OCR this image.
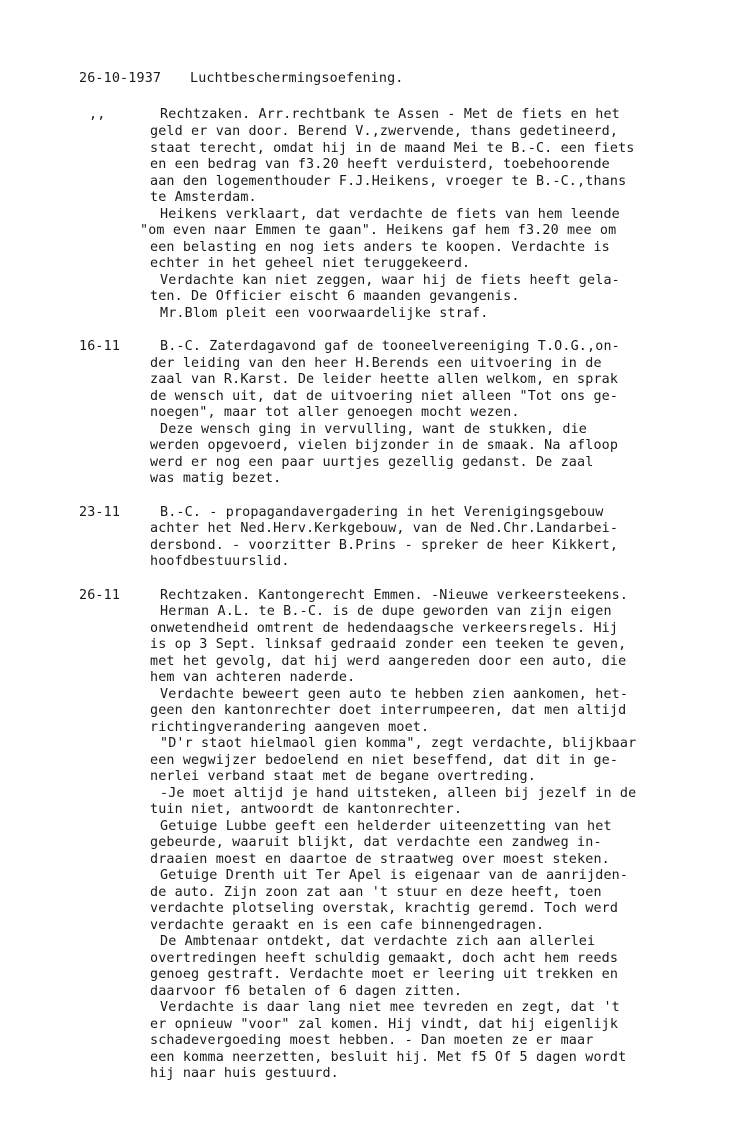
26-10-1937 Luchtbeschermingsoefening.
,,	Rechtzaken. Arr.rechtbank te Assen - Met de fiets en het
geld er van door. Berend V.,zwervende, thans gedetineerd,
staat terecht, omdat hij in de maand Mei te B.-C. een fiets
en een bedrag van f3.20 heeft verduisterd, toebehoorende
aan den logementhouder F.J.Heikens, vroeger te B.-C.,thans
te Amsterdam.
Heikens verklaart, dat verdachte de fiets van hem leende
"om even naar Emmen te gaan". Heikens gaf hem f3.20 mee om
een belasting en nog iets anders te koopen. Verdachte is
echter in het geheel niet teruggekeerd.
Verdachte kan niet zeggen, waar hij de fiets heeft gela-
ten. De Officier eischt 6 maanden gevangenis.
Mr.Blom pleit een voorwaardelijke straf.
16-11	B.-C. Zaterdagavond gaf de tooneelvereeniging T.O.G.,on-
der leiding van den heer H.Berends een uitvoering in de
zaal van R.Karst. De leider heette allen welkom, en sprak
de wensch uit, dat de uitvoering niet alleen "Tot ons ge-
noegen", maar tot aller genoegen mocht wezen.
Deze wensch ging in vervulling, want de stukken, die
werden opgevoerd, vielen bijzonder in de smaak. Na afloop
werd er nog een paar uurtjes gezellig gedanst. De zaal
was matig bezet.
23-11	B.-C. - propagandavergadering in het Verenigingsgebouw
achter het Ned.Herv.Kerkgebouw, van de Ned.Chr.Landarbei-
dersbond. - voorzitter B.Prins - spreker de heer Kikkert,
hoofdbestuurslid.
26-11	Rechtzaken. Kantongerecht Emmen. -Nieuwe verkeersteekens.
Herman A.L. te B.-C. is de dupe geworden van zijn eigen
onwetendheid omtrent de hedendaagsche verkeersregels. Hij
is op 3 Sept. linksaf gedraaid zonder een teeken te geven,
met het gevolg, dat hij werd aangereden door een auto, die
hem van achteren naderde.
Verdachte beweert geen auto te hebben zien aankomen, het-
geen den kantonrechter doet interrumpeeren, dat men altijd
richtingverandering aangeven moet.
"D'r staot hielmaol gien komma", zegt verdachte, blijkbaar
een wegwijzer bedoelend en niet beseffend, dat dit in ge-
nerlei verband staat met de begane overtreding.
-Je moet altijd je hand uitsteken, alleen bij jezelf in de
tuin niet, antwoordt de kantonrechter.
Getuige Lubbe geeft een helderder uiteenzetting van het
gebeurde, waaruit blijkt, dat verdachte een zandweg in-
draaien moest en daartoe de straatweg over moest steken.
Getuige Drenth uit Ter Apel is eigenaar van de aanrijden-
de auto. Zijn zoon zat aan 't stuur en deze heeft, toen
verdachte plotseling overstak, krachtig geremd. Toch werd
verdachte geraakt en is een cafe binnengedragen.
De Ambtenaar ontdekt, dat verdachte zich aan allerlei
overtredingen heeft schuldig gemaakt, doch acht hem reeds
genoeg gestraft. Verdachte moet er leering uit trekken en
daarvoor f6 betalen of 6 dagen zitten.
Verdachte is daar lang niet mee tevreden en zegt, dat 't
er opnieuw "voor" zal komen. Hij vindt, dat hij eigenlijk
schadevergoeding moest hebben. - Dan moeten ze er maar
een komma neerzetten, besluit hij. Met f5 Of 5 dagen wordt
hij naar huis gestuurd.
